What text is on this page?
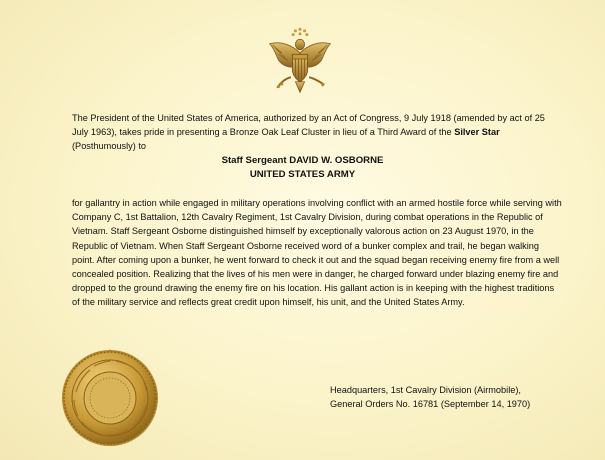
The President of the United States of America, authorized by an Act of Congress, 9 July 1918 (amended by act of 25 July 1963), takes pride in presenting a Bronze Oak Leaf Cluster in lieu of a Third Award of the Silver Star (Posthumously) to

Staff Sergeant DAVID W. OSBORNE
UNITED STATES ARMY

for gallantry in action while engaged in military operations involving conflict with an armed hostile force while serving with Company C, 1st Battalion, 12th Cavalry Regiment, 1st Cavalry Division, during combat operations in the Republic of Vietnam. Staff Sergeant Osborne distinguished himself by exceptionally valorous action on 23 August 1970, in the Republic of Vietnam. When Staff Sergeant Osborne received word of a bunker complex and trail, he began walking point. After coming upon a bunker, he went forward to check it out and the squad began receiving enemy fire from a well concealed position. Realizing that the lives of his men were in danger, he charged forward under blazing enemy fire and dropped to the ground drawing the enemy fire on his location. His gallant action is in keeping with the highest traditions of the military service and reflects great credit upon himself, his unit, and the United States Army.

Headquarters, 1st Cavalry Division (Airmobile),
General Orders No. 16781 (September 14, 1970)
